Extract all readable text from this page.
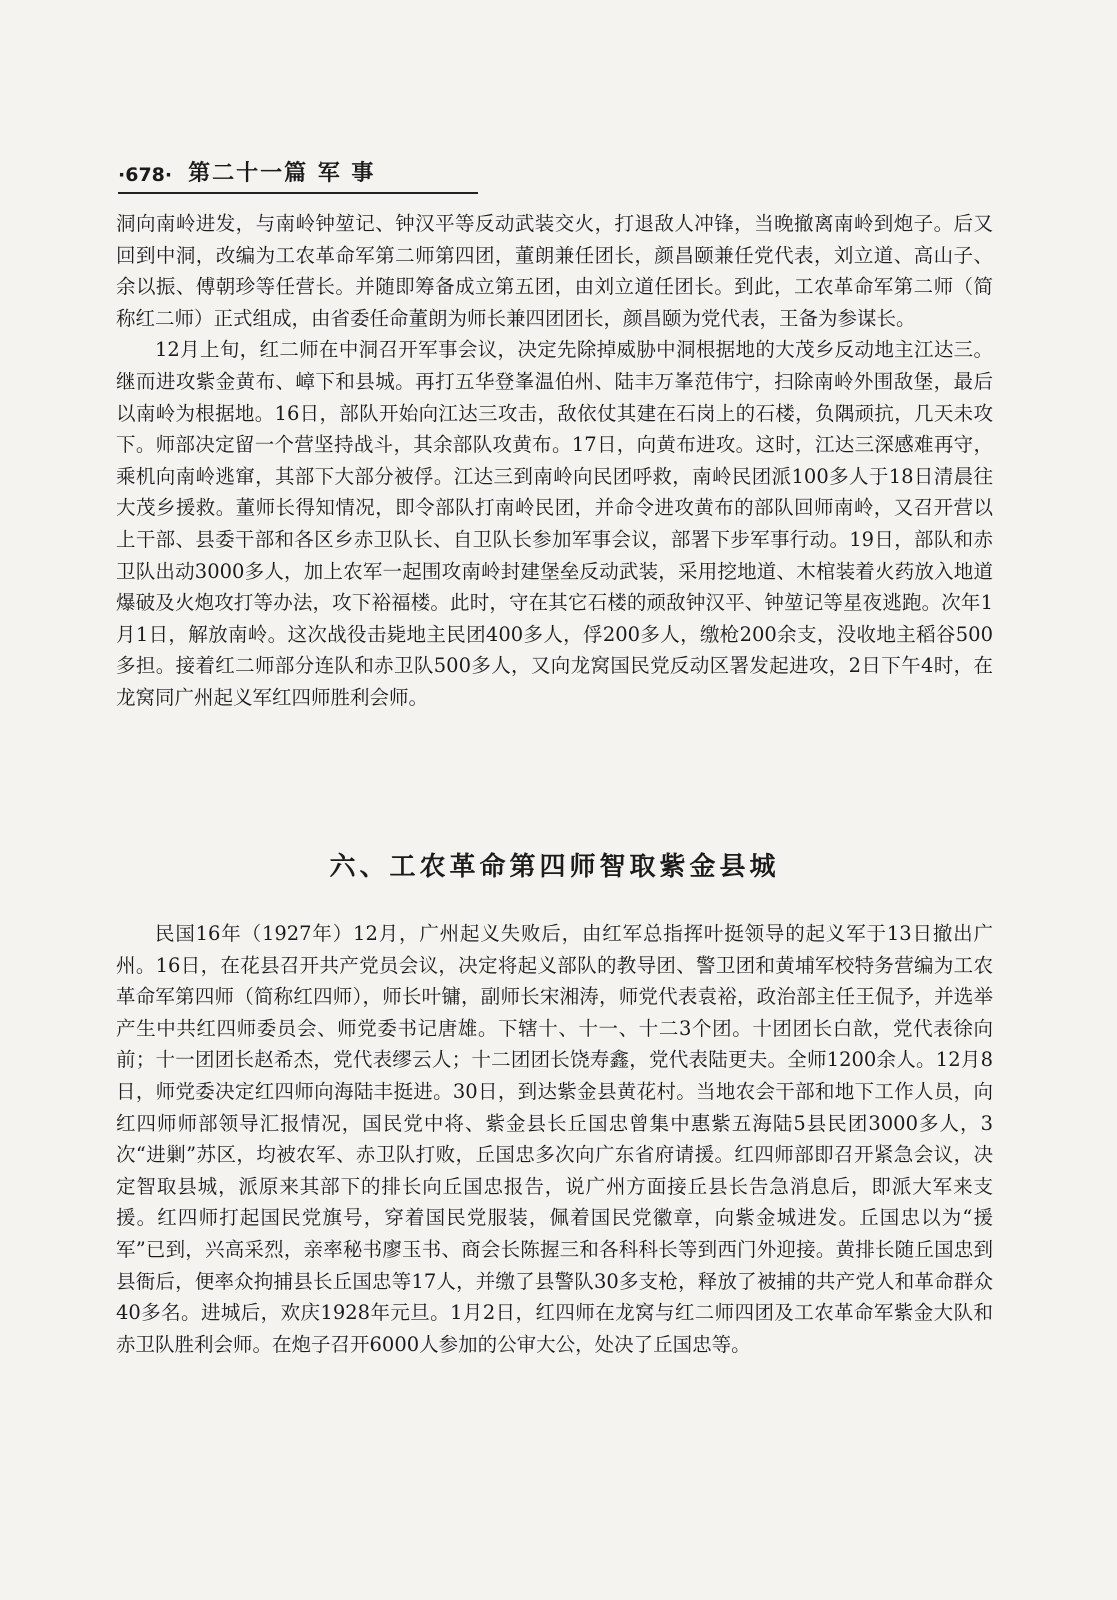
·678· 第二十一篇 军 事

洞向南岭进发，与南岭钟堃记、钟汉平等反动武装交火，打退敌人冲锋，当晚撤离南岭到炮子。后又回到中洞，改编为工农革命军第二师第四团，董朗兼任团长，颜昌颐兼任党代表，刘立道、高山子、余以振、傅朝珍等任营长。并随即筹备成立第五团，由刘立道任团长。到此，工农革命军第二师（简称红二师）正式组成，由省委任命董朗为师长兼四团团长，颜昌颐为党代表，王备为参谋长。

12月上旬，红二师在中洞召开军事会议，决定先除掉威胁中洞根据地的大茂乡反动地主江达三。继而进攻紫金黄布、嶂下和县城。再打五华登峯温伯州、陆丰万峯范伟宁，扫除南岭外围敌堡，最后以南岭为根据地。16日，部队开始向江达三攻击，敌依仗其建在石岗上的石楼，负隅顽抗，几天未攻下。师部决定留一个营坚持战斗，其余部队攻黄布。17日，向黄布进攻。这时，江达三深感难再守，乘机向南岭逃窜，其部下大部分被俘。江达三到南岭向民团呼救，南岭民团派100多人于18日清晨往大茂乡援救。董师长得知情况，即令部队打南岭民团，并命令进攻黄布的部队回师南岭，又召开营以上干部、县委干部和各区乡赤卫队长、自卫队长参加军事会议，部署下步军事行动。19日，部队和赤卫队出动3000多人，加上农军一起围攻南岭封建堡垒反动武装，采用挖地道、木棺装着火药放入地道爆破及火炮攻打等办法，攻下裕福楼。此时，守在其它石楼的顽敌钟汉平、钟堃记等星夜逃跑。次年1月1日，解放南岭。这次战役击毙地主民团400多人，俘200多人，缴枪200余支，没收地主稻谷500多担。接着红二师部分连队和赤卫队500多人，又向龙窝国民党反动区署发起进攻，2日下午4时，在龙窝同广州起义军红四师胜利会师。

六、工农革命第四师智取紫金县城

民国16年（1927年）12月，广州起义失败后，由红军总指挥叶挺领导的起义军于13日撤出广州。16日，在花县召开共产党员会议，决定将起义部队的教导团、警卫团和黄埔军校特务营编为工农革命军第四师（简称红四师），师长叶镛，副师长宋湘涛，师党代表袁裕，政治部主任王侃予，并选举产生中共红四师委员会、师党委书记唐雄。下辖十、十一、十二3个团。十团团长白歆，党代表徐向前；十一团团长赵希杰，党代表缪云人；十二团团长饶寿鑫，党代表陆更夫。全师1200余人。12月8日，师党委决定红四师向海陆丰挺进。30日，到达紫金县黄花村。当地农会干部和地下工作人员，向红四师师部领导汇报情况，国民党中将、紫金县长丘国忠曾集中惠紫五海陆5县民团3000多人，3次“进剿”苏区，均被农军、赤卫队打败，丘国忠多次向广东省府请援。红四师部即召开紧急会议，决定智取县城，派原来其部下的排长向丘国忠报告，说广州方面接丘县长告急消息后，即派大军来支援。红四师打起国民党旗号，穿着国民党服装，佩着国民党徽章，向紫金城进发。丘国忠以为“援军”已到，兴高采烈，亲率秘书廖玉书、商会长陈握三和各科科长等到西门外迎接。黄排长随丘国忠到县衙后，便率众拘捕县长丘国忠等17人，并缴了县警队30多支枪，释放了被捕的共产党人和革命群众40多名。进城后，欢庆1928年元旦。1月2日，红四师在龙窝与红二师四团及工农革命军紫金大队和赤卫队胜利会师。在炮子召开6000人参加的公审大公，处决了丘国忠等。
